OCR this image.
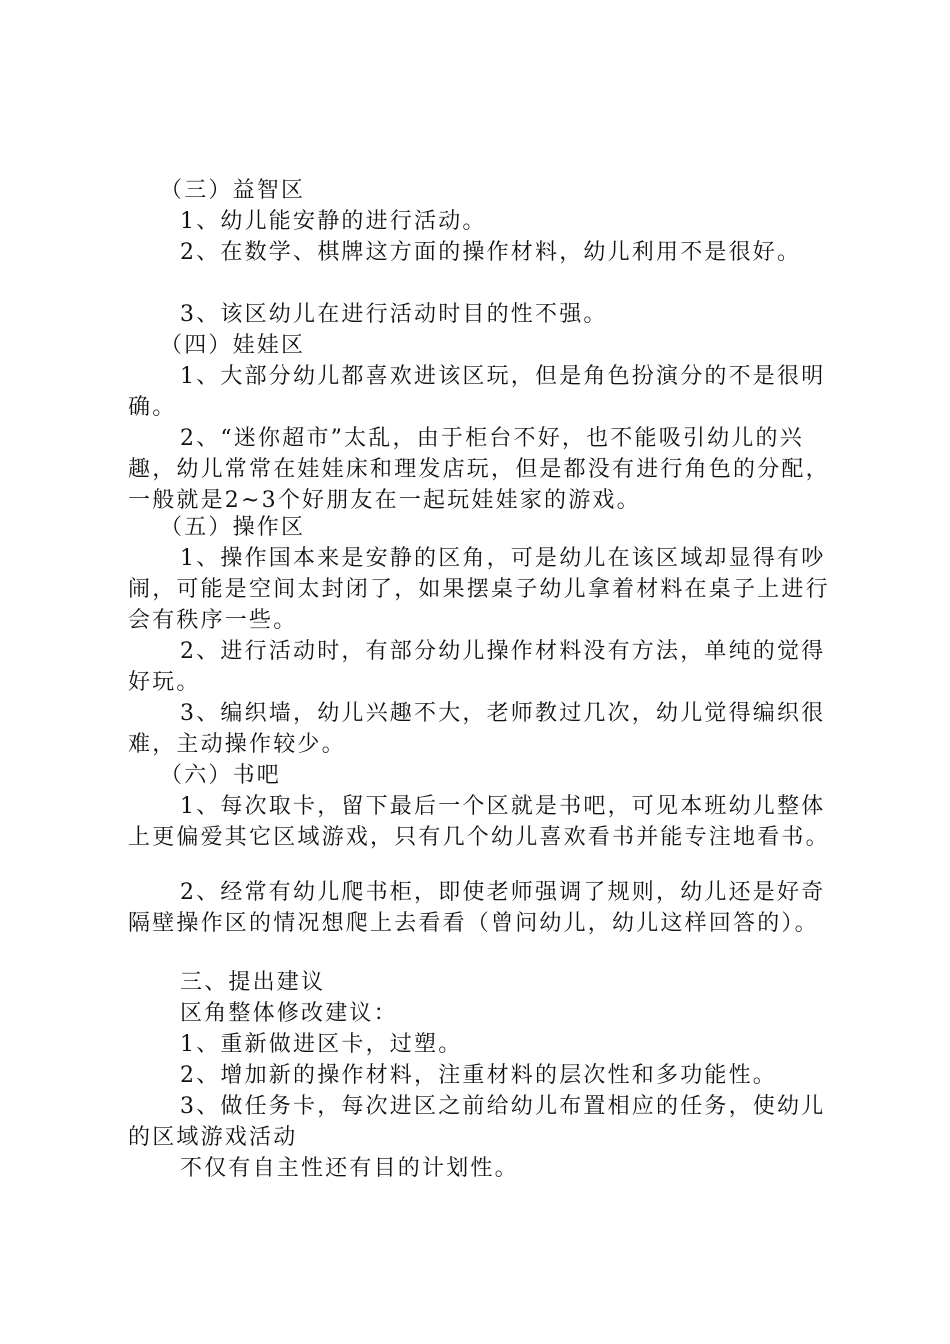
（三）益智区

1、幼儿能安静的进行活动。

2、在数学、棋牌这方面的操作材料，幼儿利用不是很好。

3、该区幼儿在进行活动时目的性不强。

（四）娃娃区

1、大部分幼儿都喜欢进该区玩，但是角色扮演分的不是很明确。

2、“迷你超市”太乱，由于柜台不好，也不能吸引幼儿的兴趣，幼儿常常在娃娃床和理发店玩，但是都没有进行角色的分配，一般就是2~3个好朋友在一起玩娃娃家的游戏。

（五）操作区

1、操作国本来是安静的区角，可是幼儿在该区域却显得有吵闹，可能是空间太封闭了，如果摆桌子幼儿拿着材料在桌子上进行会有秩序一些。

2、进行活动时，有部分幼儿操作材料没有方法，单纯的觉得好玩。

3、编织墙，幼儿兴趣不大，老师教过几次，幼儿觉得编织很难，主动操作较少。

（六）书吧

1、每次取卡，留下最后一个区就是书吧，可见本班幼儿整体上更偏爱其它区域游戏，只有几个幼儿喜欢看书并能专注地看书。

2、经常有幼儿爬书柜，即使老师强调了规则，幼儿还是好奇隔壁操作区的情况想爬上去看看（曾问幼儿，幼儿这样回答的）。

三、提出建议

区角整体修改建议：

1、重新做进区卡，过塑。

2、增加新的操作材料，注重材料的层次性和多功能性。

3、做任务卡，每次进区之前给幼儿布置相应的任务，使幼儿的区域游戏活动

不仅有自主性还有目的计划性。
